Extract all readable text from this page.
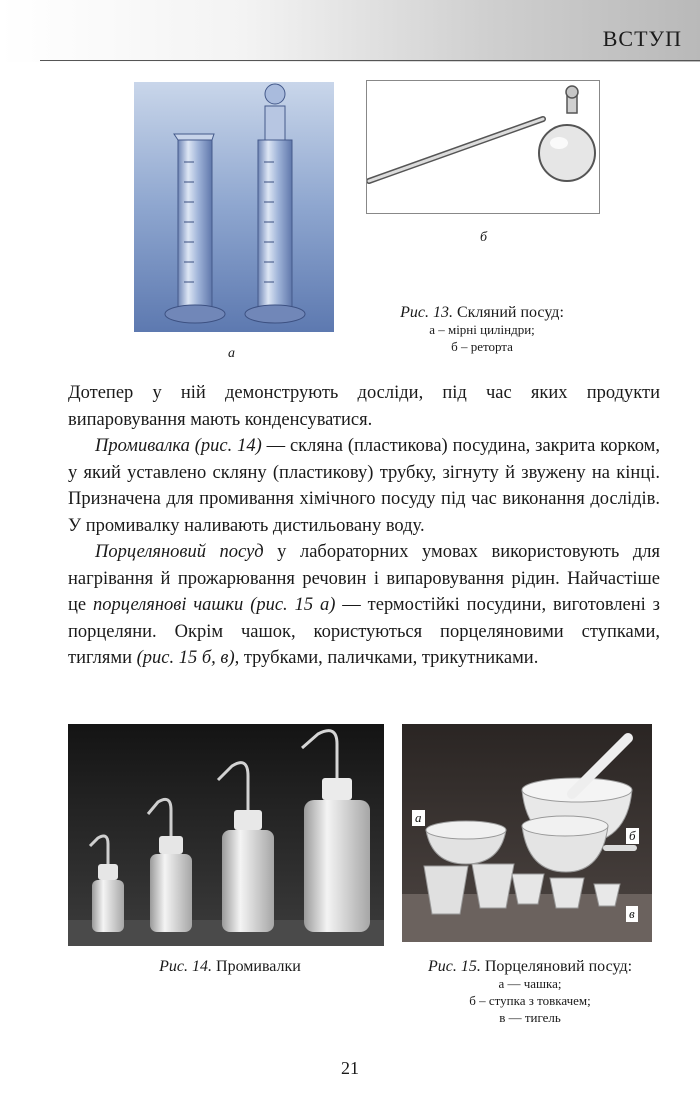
ВСТУП
а
б
Рис. 13. Скляний посуд:
а – мірні циліндри;
б – реторта

Дотепер у ній демонструють досліди, під час яких продукти випаровування мають конденсуватися.

Промивалка (рис. 14) — скляна (пластикова) посудина, закрита корком, у який уставлено скляну (пластикову) трубку, зігнуту й звужену на кінці. Призначена для промивання хімічного посуду під час виконання дослідів. У промивалку наливають дистильовану воду.

Порцеляновий посуд у лабораторних умовах використовують для нагрівання й прожарювання речовин і випаровування рідин. Найчастіше це порцелянові чашки (рис. 15 а) — термостійкі посудини, виготовлені з порцеляни. Окрім чашок, користуються порцеляновими ступками, тиглями (рис. 15 б, в), трубками, паличками, трикутниками.

Рис. 14. Промивалки
а
б
в
Рис. 15. Порцеляновий посуд:
а — чашка;
б – ступка з товкачем;
в — тигель
21
